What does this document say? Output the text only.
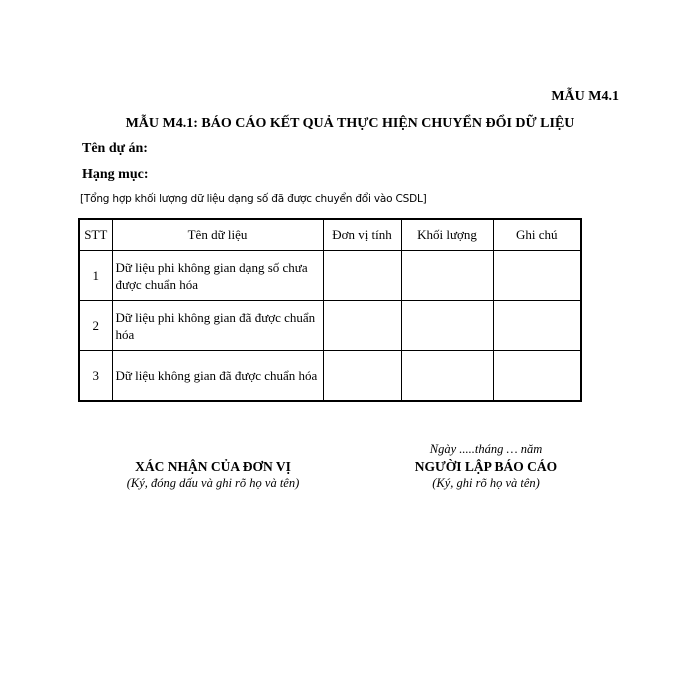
MẪU M4.1
MẪU M4.1: BÁO CÁO KẾT QUẢ THỰC HIỆN CHUYỂN ĐỔI DỮ LIỆU
Tên dự án:
Hạng mục:
[Tổng hợp khối lượng dữ liệu dạng số đã được chuyển đổi vào CSDL]
STT	Tên dữ liệu	Đơn vị tính	Khối lượng	Ghi chú
1	Dữ liệu phi không gian dạng số chưa được chuẩn hóa			
2	Dữ liệu phi không gian đã được chuẩn hóa			
3	Dữ liệu không gian đã được chuẩn hóa			
XÁC NHẬN CỦA ĐƠN VỊ
(Ký, đóng dấu và ghi rõ họ và tên)
Ngày .....tháng … năm
NGƯỜI LẬP BÁO CÁO
(Ký, ghi rõ họ và tên)
